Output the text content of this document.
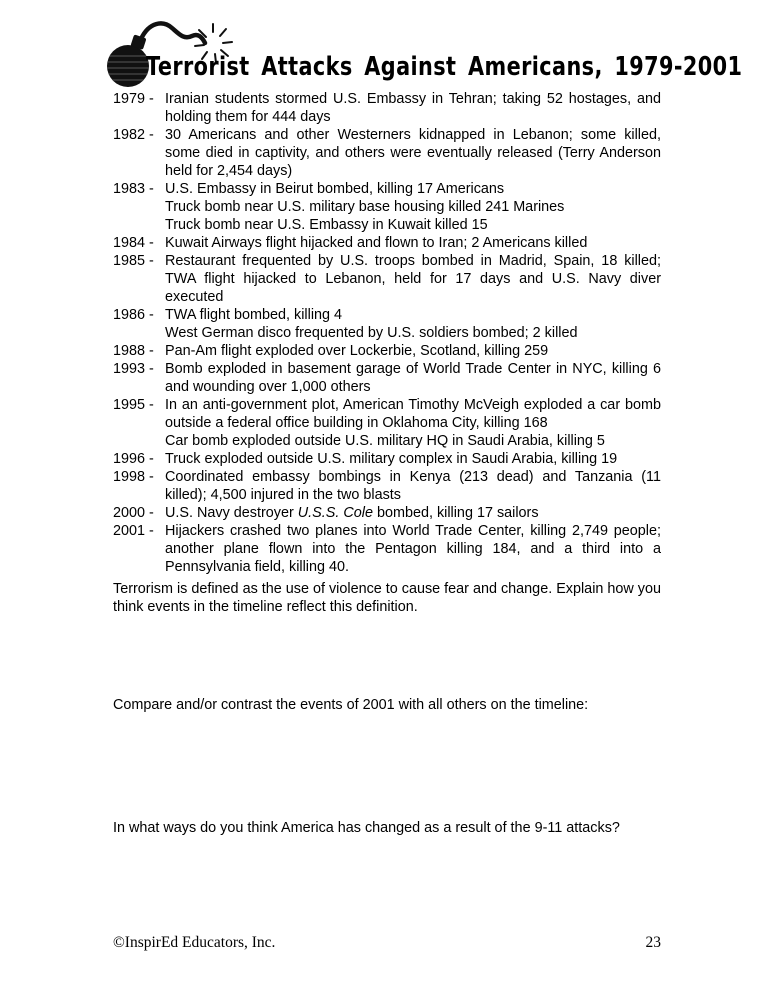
Terrorist Attacks Against Americans, 1979-2001
1979 - Iranian students stormed U.S. Embassy in Tehran; taking 52 hostages, and holding them for 444 days

1982 - 30 Americans and other Westerners kidnapped in Lebanon; some killed, some died in captivity, and others were eventually released (Terry Anderson held for 2,454 days)

1983 - U.S. Embassy in Beirut bombed, killing 17 Americans

Truck bomb near U.S. military base housing killed 241 Marines

Truck bomb near U.S. Embassy in Kuwait killed 15

1984 - Kuwait Airways flight hijacked and flown to Iran; 2 Americans killed

1985 - Restaurant frequented by U.S. troops bombed in Madrid, Spain, 18 killed; TWA flight hijacked to Lebanon, held for 17 days and U.S. Navy diver executed

1986 - TWA flight bombed, killing 4

West German disco frequented by U.S. soldiers bombed; 2 killed

1988 - Pan-Am flight exploded over Lockerbie, Scotland, killing 259

1993 - Bomb exploded in basement garage of World Trade Center in NYC, killing 6 and wounding over 1,000 others

1995 - In an anti-government plot, American Timothy McVeigh exploded a car bomb outside a federal office building in Oklahoma City, killing 168

Car bomb exploded outside U.S. military HQ in Saudi Arabia, killing 5

1996 - Truck exploded outside U.S. military complex in Saudi Arabia, killing 19

1998 - Coordinated embassy bombings in Kenya (213 dead) and Tanzania (11 killed); 4,500 injured in the two blasts

2000 - U.S. Navy destroyer U.S.S. Cole bombed, killing 17 sailors

2001 - Hijackers crashed two planes into World Trade Center, killing 2,749 people; another plane flown into the Pentagon killing 184, and a third into a Pennsylvania field, killing 40.

Terrorism is defined as the use of violence to cause fear and change. Explain how you think events in the timeline reflect this definition.

Compare and/or contrast the events of 2001 with all others on the timeline:

In what ways do you think America has changed as a result of the 9-11 attacks?

©InspirEd Educators, Inc.	23
